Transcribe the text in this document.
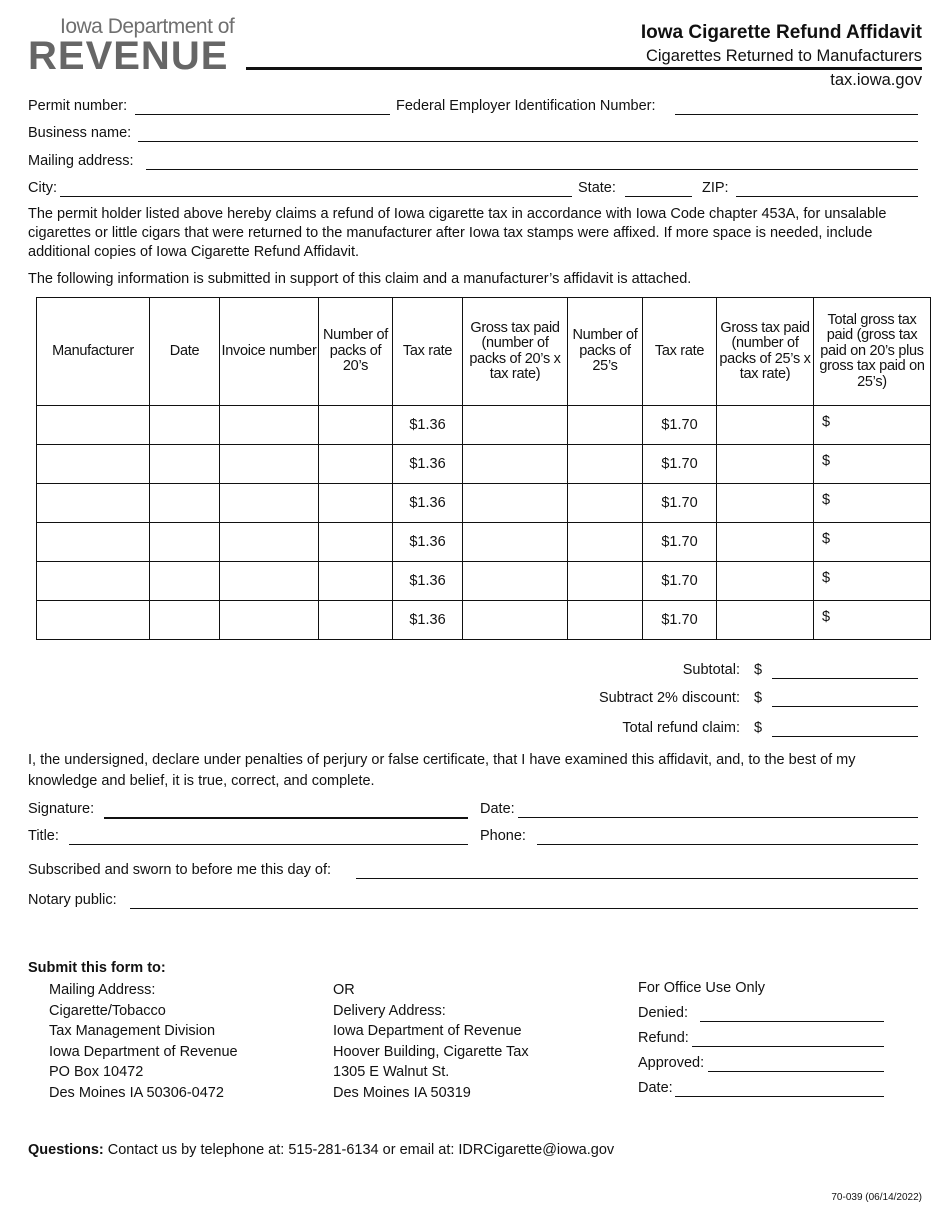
Iowa Department of
REVENUE
Iowa Cigarette Refund Affidavit
Cigarettes Returned to Manufacturers
tax.iowa.gov
Permit number:	Federal Employer Identification Number:
Business name:
Mailing address:
City:	State:	ZIP:
The permit holder listed above hereby claims a refund of Iowa cigarette tax in accordance with Iowa Code chapter 453A, for unsalable cigarettes or little cigars that were returned to the manufacturer after Iowa tax stamps were affixed. If more space is needed, include additional copies of Iowa Cigarette Refund Affidavit.
The following information is submitted in support of this claim and a manufacturer’s affidavit is attached.
Manufacturer	Date	Invoice number	Number of packs of 20’s	Tax rate	Gross tax paid (number of packs of 20’s x tax rate)	Number of packs of 25’s	Tax rate	Gross tax paid (number of packs of 25’s x tax rate)	Total gross tax paid (gross tax paid on 20’s plus gross tax paid on 25’s)
				$1.36			$1.70		$
				$1.36			$1.70		$
				$1.36			$1.70		$
				$1.36			$1.70		$
				$1.36			$1.70		$
				$1.36			$1.70		$
Subtotal: $
Subtract 2% discount: $
Total refund claim: $
I, the undersigned, declare under penalties of perjury or false certificate, that I have examined this affidavit, and, to the best of my knowledge and belief, it is true, correct, and complete.
Signature:	Date:
Title:	Phone:
Subscribed and sworn to before me this day of:
Notary public:
Submit this form to:
Mailing Address:
Cigarette/Tobacco
Tax Management Division
Iowa Department of Revenue
PO Box 10472
Des Moines IA 50306-0472
OR
Delivery Address:
Iowa Department of Revenue
Hoover Building, Cigarette Tax
1305 E Walnut St.
Des Moines IA 50319
For Office Use Only
Denied:
Refund:
Approved:
Date:
Questions: Contact us by telephone at: 515-281-6134 or email at: IDRCigarette@iowa.gov
70-039 (06/14/2022)
